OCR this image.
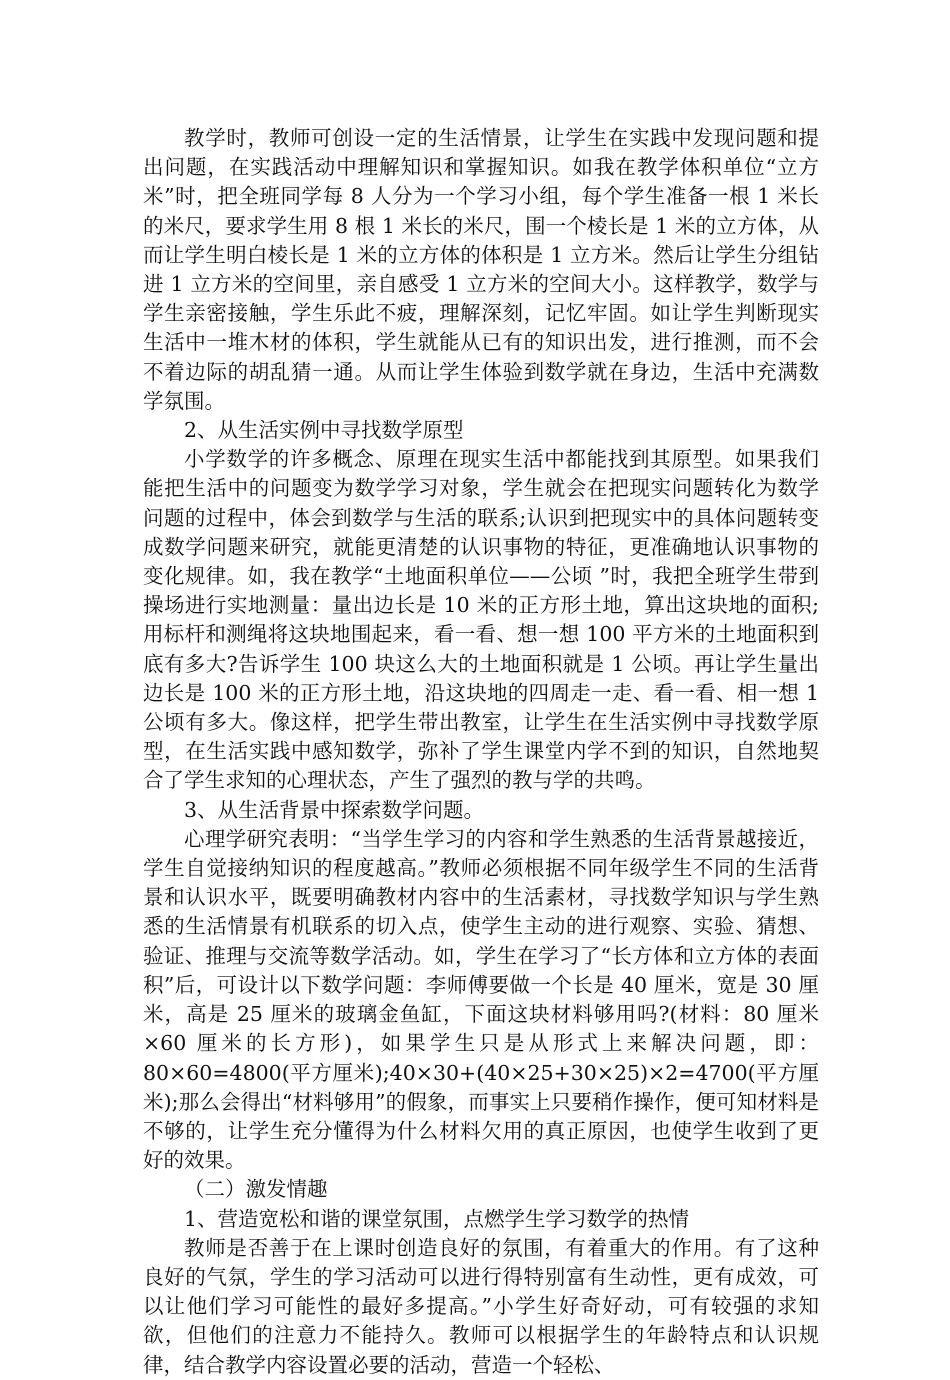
教学时，教师可创设一定的生活情景，让学生在实践中发现问题和提出问题，在实践活动中理解知识和掌握知识。如我在教学体积单位“立方米”时，把全班同学每 8 人分为一个学习小组，每个学生准备一根 1 米长的米尺，要求学生用 8 根 1 米长的米尺，围一个棱长是 1 米的立方体，从而让学生明白棱长是 1 米的立方体的体积是 1 立方米。然后让学生分组钻进 1 立方米的空间里，亲自感受 1 立方米的空间大小。这样教学，数学与学生亲密接触，学生乐此不疲，理解深刻，记忆牢固。如让学生判断现实生活中一堆木材的体积，学生就能从已有的知识出发，进行推测，而不会不着边际的胡乱猜一通。从而让学生体验到数学就在身边，生活中充满数学氛围。

2、从生活实例中寻找数学原型

小学数学的许多概念、原理在现实生活中都能找到其原型。如果我们能把生活中的问题变为数学学习对象，学生就会在把现实问题转化为数学问题的过程中，体会到数学与生活的联系;认识到把现实中的具体问题转变成数学问题来研究，就能更清楚的认识事物的特征，更准确地认识事物的变化规律。如，我在教学“土地面积单位——公顷 ”时，我把全班学生带到操场进行实地测量：量出边长是 10 米的正方形土地，算出这块地的面积;用标杆和测绳将这块地围起来，看一看、想一想 100 平方米的土地面积到底有多大?告诉学生 100 块这么大的土地面积就是 1 公顷。再让学生量出边长是 100 米的正方形土地，沿这块地的四周走一走、看一看、相一想 1 公顷有多大。像这样，把学生带出教室，让学生在生活实例中寻找数学原型，在生活实践中感知数学，弥补了学生课堂内学不到的知识，自然地契合了学生求知的心理状态，产生了强烈的教与学的共鸣。

3、从生活背景中探索数学问题。

心理学研究表明：“当学生学习的内容和学生熟悉的生活背景越接近，学生自觉接纳知识的程度越高。”教师必须根据不同年级学生不同的生活背景和认识水平，既要明确教材内容中的生活素材，寻找数学知识与学生熟悉的生活情景有机联系的切入点，使学生主动的进行观察、实验、猜想、验证、推理与交流等数学活动。如，学生在学习了“长方体和立方体的表面积”后，可设计以下数学问题：李师傅要做一个长是 40 厘米，宽是 30 厘米，高是 25 厘米的玻璃金鱼缸，下面这块材料够用吗?(材料：80 厘米×60 厘米的长方形)，如果学生只是从形式上来解决问题，即：80×60=4800(平方厘米);40×30+(40×25+30×25)×2=4700(平方厘米);那么会得出“材料够用”的假象，而事实上只要稍作操作，便可知材料是不够的，让学生充分懂得为什么材料欠用的真正原因，也使学生收到了更好的效果。

（二）激发情趣

1、营造宽松和谐的课堂氛围，点燃学生学习数学的热情

教师是否善于在上课时创造良好的氛围，有着重大的作用。有了这种良好的气氛，学生的学习活动可以进行得特别富有生动性，更有成效，可以让他们学习可能性的最好多提高。”小学生好奇好动，可有较强的求知欲，但他们的注意力不能持久。教师可以根据学生的年龄特点和认识规律，结合教学内容设置必要的活动，营造一个轻松、
